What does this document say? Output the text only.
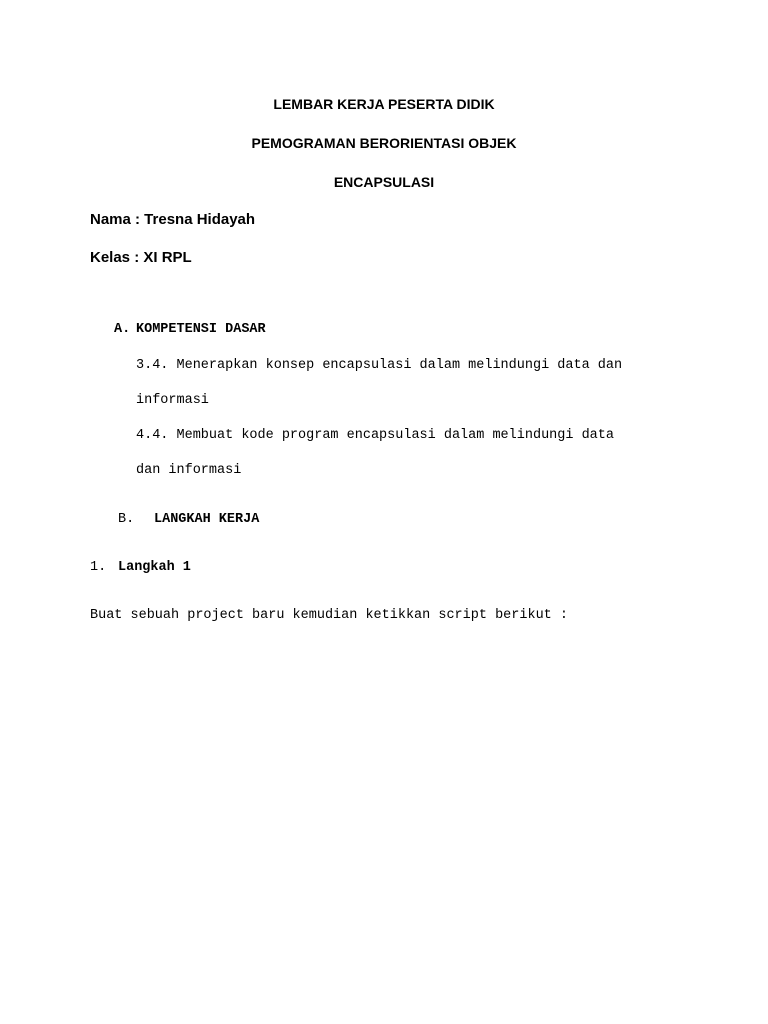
LEMBAR KERJA PESERTA DIDIK
PEMOGRAMAN BERORIENTASI OBJEK
ENCAPSULASI
Nama : Tresna Hidayah
Kelas : XI RPL
A. KOMPETENSI DASAR
3.4. Menerapkan konsep encapsulasi dalam melindungi data dan
informasi
4.4. Membuat kode program encapsulasi dalam melindungi data
dan informasi
B. LANGKAH KERJA
1. Langkah 1
Buat sebuah project baru kemudian ketikkan script berikut :
